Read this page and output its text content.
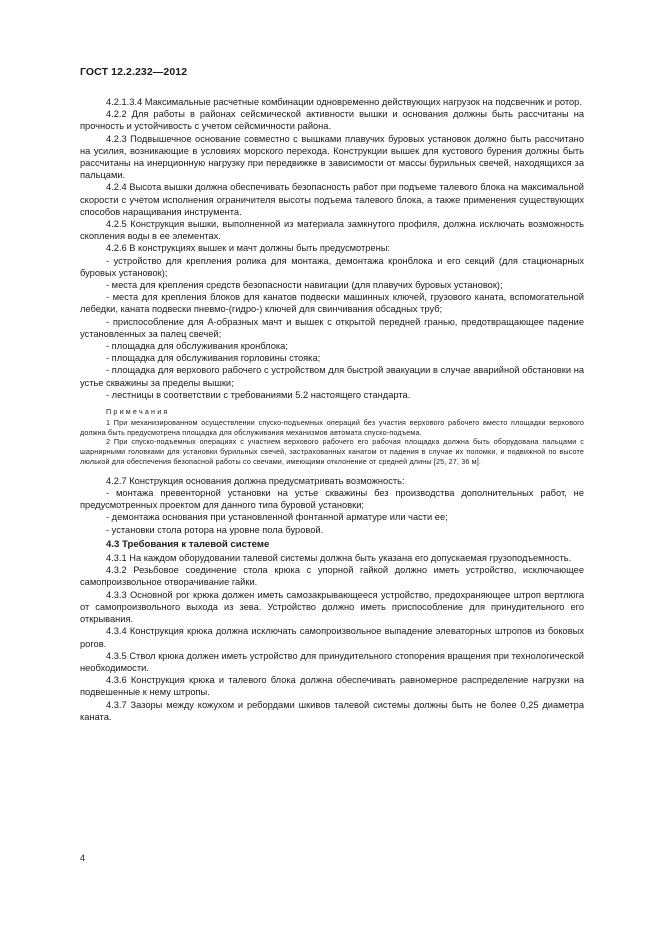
ГОСТ 12.2.232—2012

4.2.1.3.4 Максимальные расчетные комбинации одновременно действующих нагрузок на подсвечник и ротор.

4.2.2 Для работы в районах сейсмической активности вышки и основания должны быть рассчитаны на прочность и устойчивость с учетом сейсмичности района.

4.2.3 Подвышечное основание совместно с вышками плавучих буровых установок должно быть рассчитано на усилия, возникающие в условиях морского перехода. Конструкции вышек для кустового бурения должны быть рассчитаны на инерционную нагрузку при передвижке в зависимости от массы бурильных свечей, находящихся за пальцами.

4.2.4 Высота вышки должна обеспечивать безопасность работ при подъеме талевого блока на максимальной скорости с учетом исполнения ограничителя высоты подъема талевого блока, а также применения существующих способов наращивания инструмента.

4.2.5 Конструкция вышки, выполненной из материала замкнутого профиля, должна исключать возможность скопления воды в ее элементах.

4.2.6 В конструкциях вышек и мачт должны быть предусмотрены:

- устройство для крепления ролика для монтажа, демонтажа кронблока и его секций (для стационарных буровых установок);

- места для крепления средств безопасности навигации (для плавучих буровых установок);

- места для крепления блоков для канатов подвески машинных ключей, грузового каната, вспомогательной лебедки, каната подвески пневмо-(гидро-) ключей для свинчивания обсадных труб;

- приспособление для А-образных мачт и вышек с открытой передней гранью, предотвращающее падение установленных за палец свечей;

- площадка для обслуживания кронблока;

- площадка для обслуживания горловины стояка;

- площадка для верхового рабочего с устройством для быстрой эвакуации в случае аварийной обстановки на устье скважины за пределы вышки;

- лестницы в соответствии с требованиями 5.2 настоящего стандарта.

Примечания

1 При механизированном осуществлении спуско-подъемных операций без участия верхового рабочего вместо площадки верхового должна быть предусмотрена площадка для обслуживания механизмов автомата спуско-подъема.

2 При спуско-подъемных операциях с участием верхового рабочего его рабочая площадка должна быть оборудована пальцами с шарнирными головками для установки бурильных свечей, застрахованных канатом от падения в случае их поломки, и подвижной по высоте люлькой для обеспечения безопасной работы со свечами, имеющими отклонение от средней длины [25, 27, 36 м].

4.2.7 Конструкция основания должна предусматривать возможность:

- монтажа превенторной установки на устье скважины без производства дополнительных работ, не предусмотренных проектом для данного типа буровой установки;

- демонтажа основания при установленной фонтанной арматуре или части ее;

- установки стола ротора на уровне пола буровой.

4.3 Требования к талевой системе

4.3.1 На каждом оборудовании талевой системы должна быть указана его допускаемая грузоподъемность.

4.3.2 Резьбовое соединение стола крюка с упорной гайкой должно иметь устройство, исключающее самопроизвольное отворачивание гайки.

4.3.3 Основной рог крюка должен иметь самозакрывающееся устройство, предохраняющее штроп вертлюга от самопроизвольного выхода из зева. Устройство должно иметь приспособление для принудительного его открывания.

4.3.4 Конструкция крюка должна исключать самопроизвольное выпадение элеваторных штропов из боковых рогов.

4.3.5 Ствол крюка должен иметь устройство для принудительного стопорения вращения при технологической необходимости.

4.3.6 Конструкция крюка и талевого блока должна обеспечивать равномерное распределение нагрузки на подвешенные к нему штропы.

4.3.7 Зазоры между кожухом и ребордами шкивов талевой системы должны быть не более 0,25 диаметра каната.

4
